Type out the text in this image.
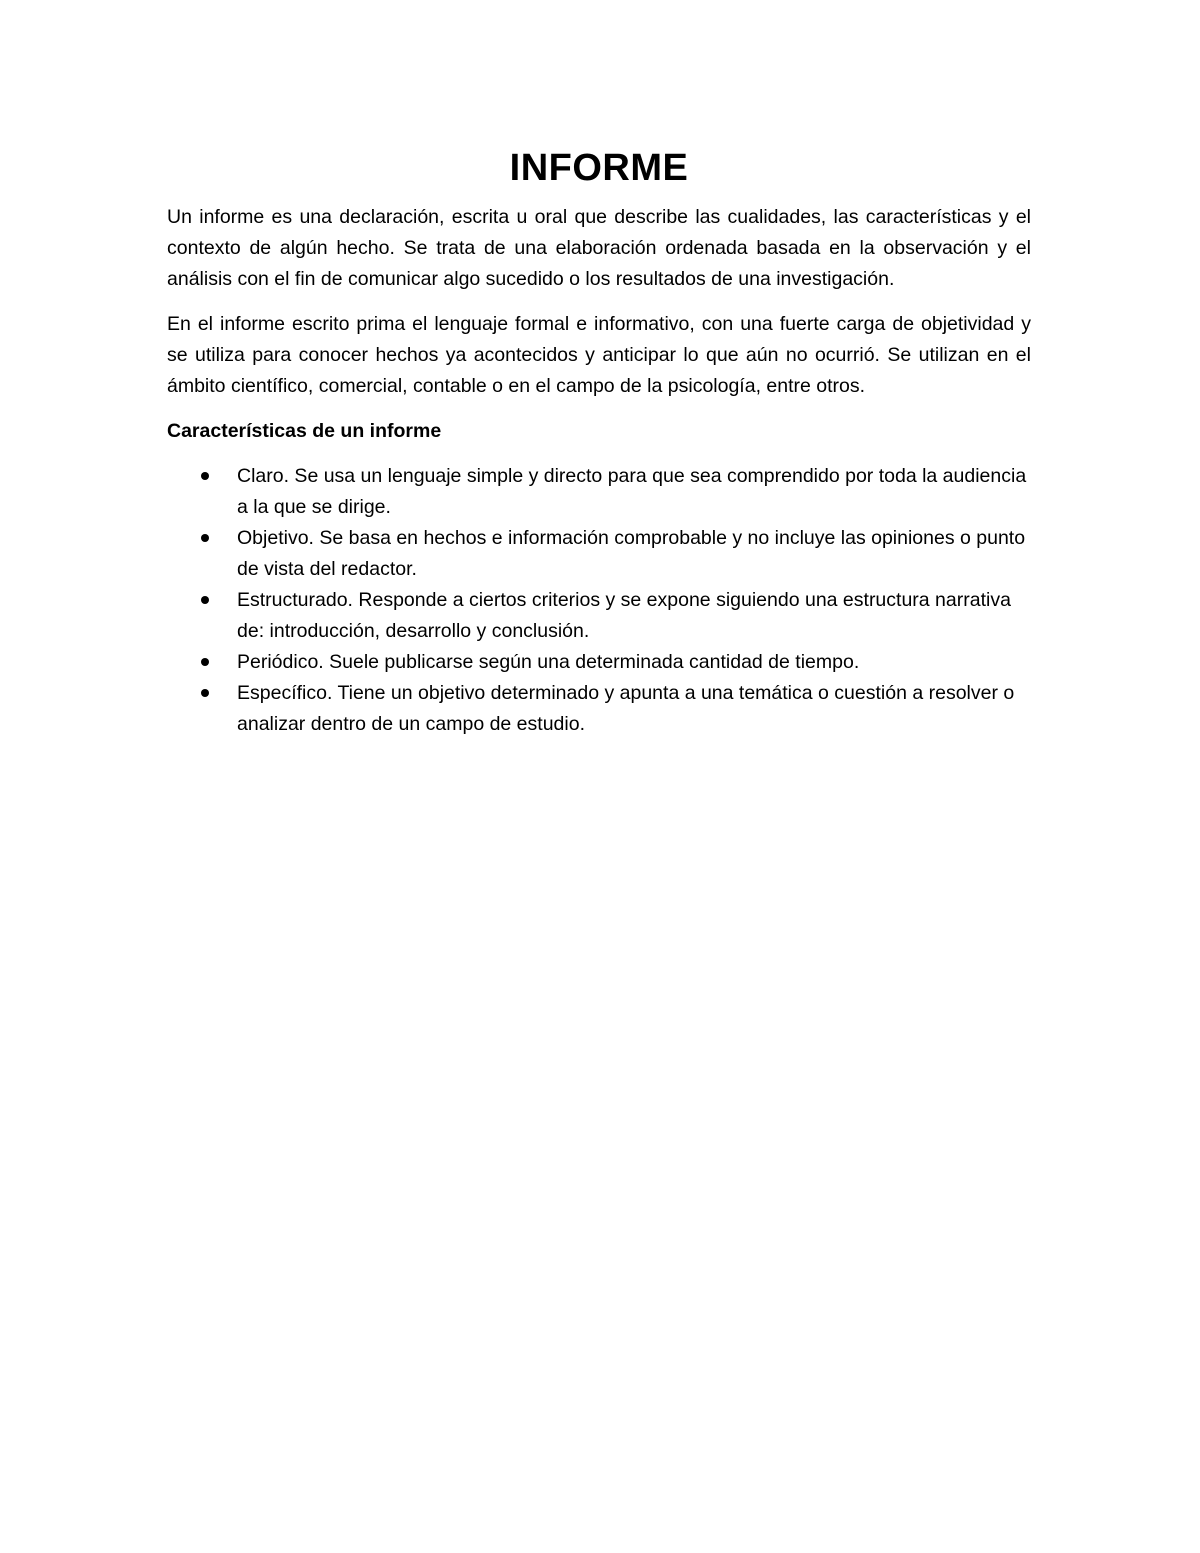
INFORME

Un informe es una declaración, escrita u oral que describe las cualidades, las características y el contexto de algún hecho. Se trata de una elaboración ordenada basada en la observación y el análisis con el fin de comunicar algo sucedido o los resultados de una investigación.

En el informe escrito prima el lenguaje formal e informativo, con una fuerte carga de objetividad y se utiliza para conocer hechos ya acontecidos y anticipar lo que aún no ocurrió. Se utilizan en el ámbito científico, comercial, contable o en el campo de la psicología, entre otros.

Características de un informe
Claro. Se usa un lenguaje simple y directo para que sea comprendido por toda la audiencia a la que se dirige.
Objetivo. Se basa en hechos e información comprobable y no incluye las opiniones o punto de vista del redactor.
Estructurado. Responde a ciertos criterios y se expone siguiendo una estructura narrativa de: introducción, desarrollo y conclusión.
Periódico. Suele publicarse según una determinada cantidad de tiempo.
Específico. Tiene un objetivo determinado y apunta a una temática o cuestión a resolver o analizar dentro de un campo de estudio.
